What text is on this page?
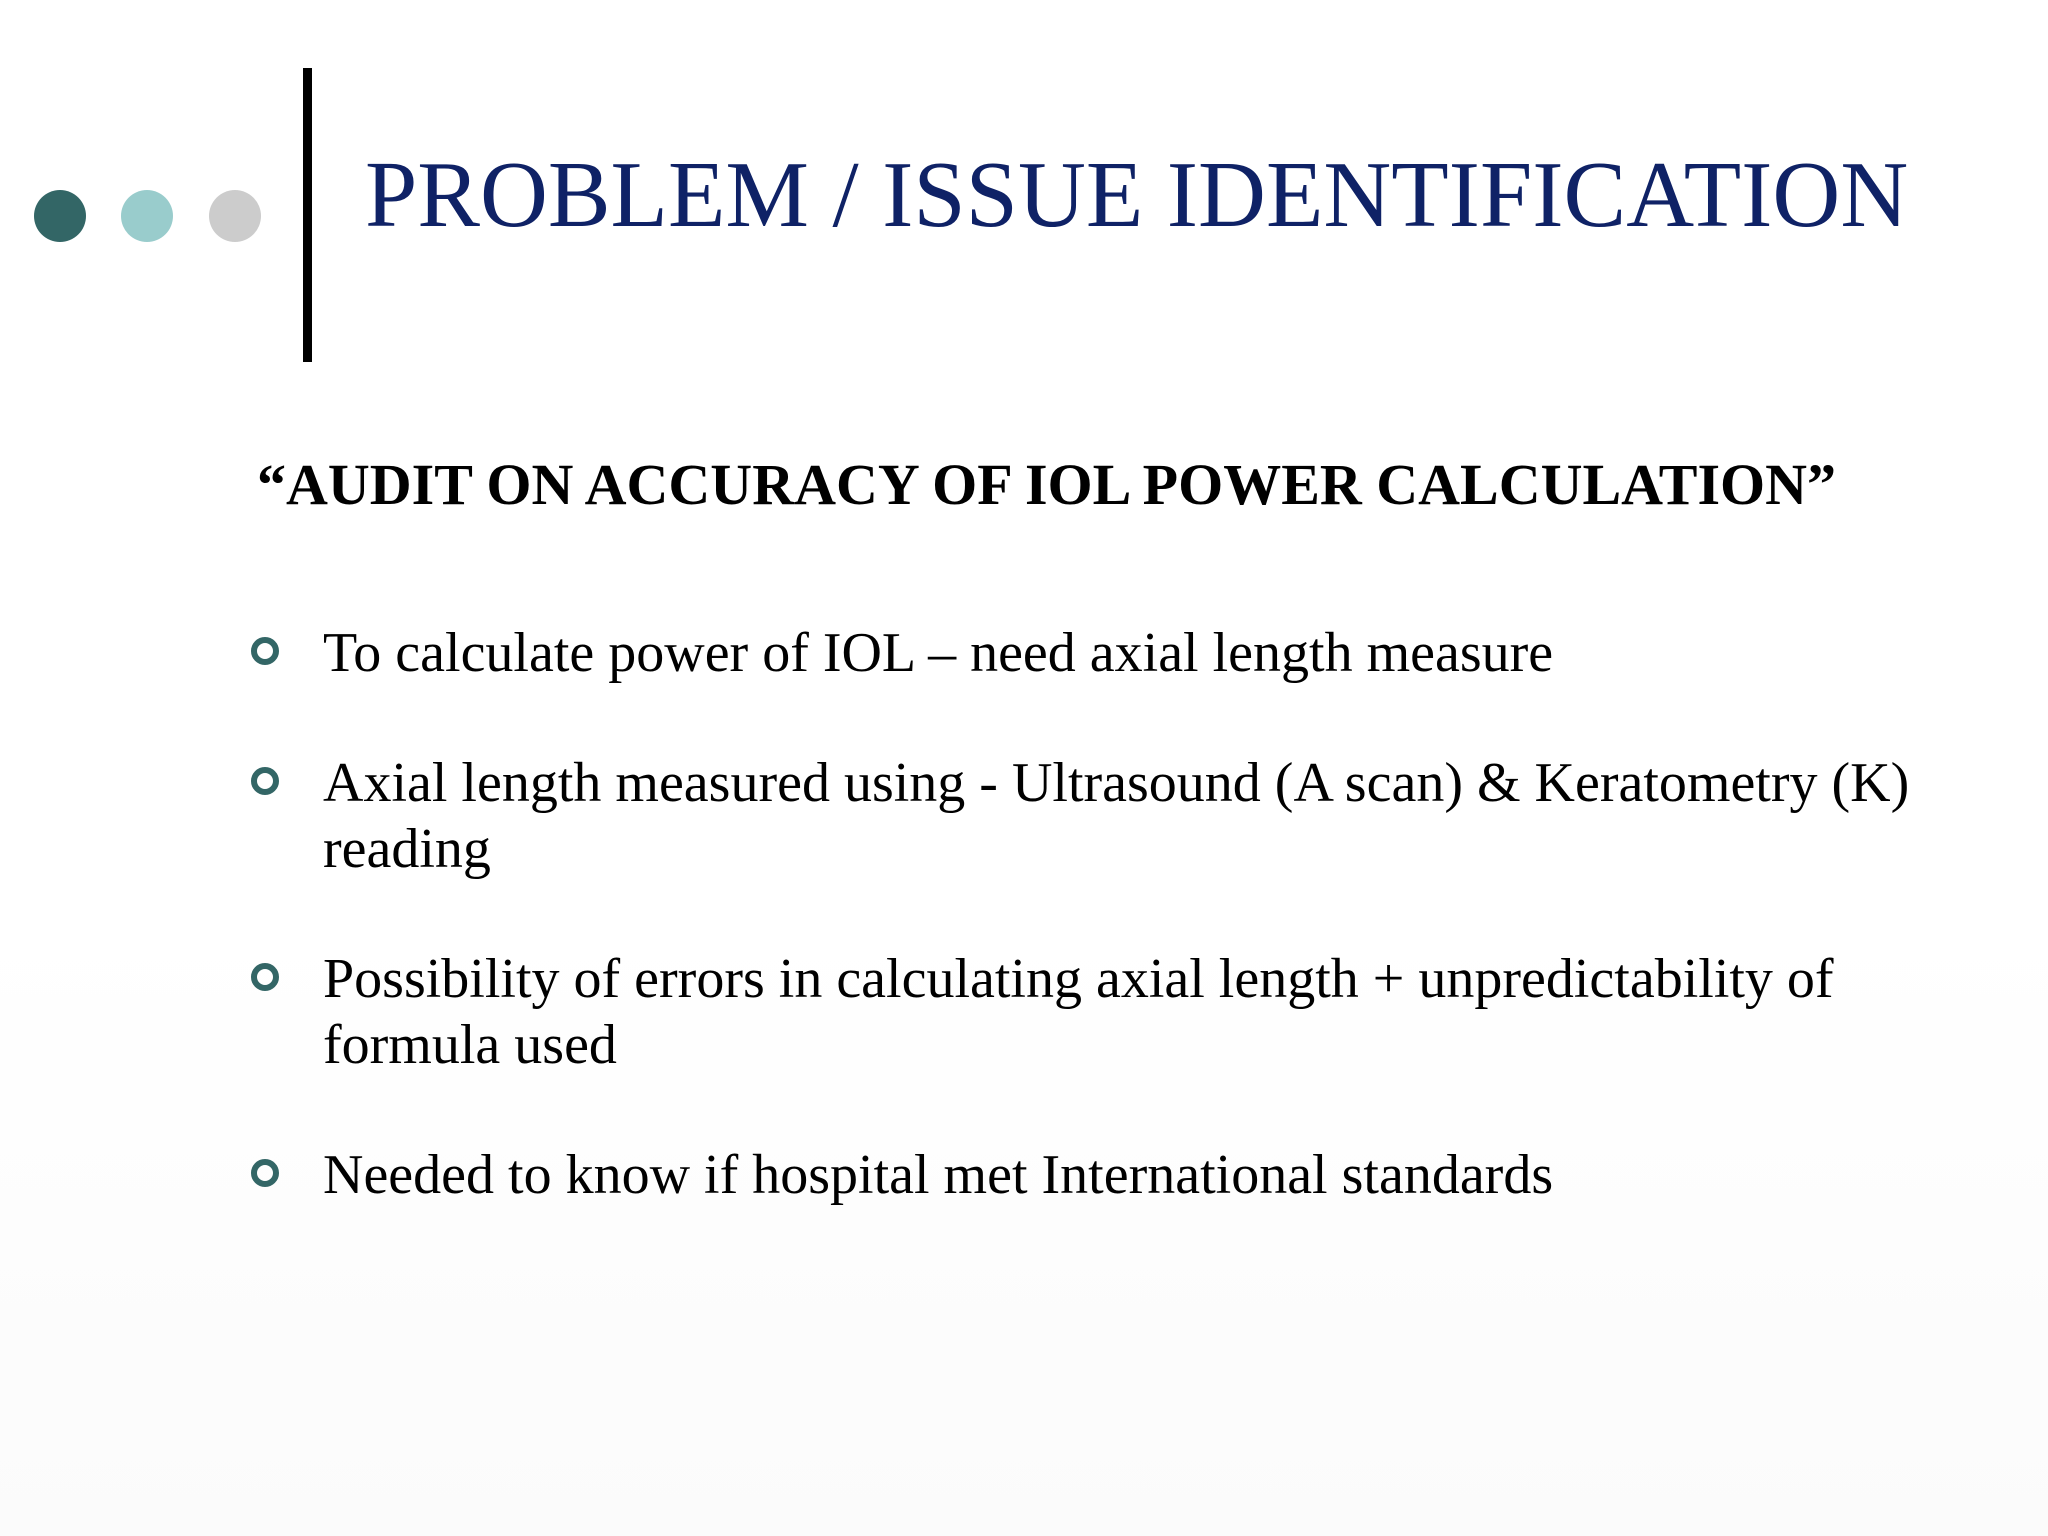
PROBLEM / ISSUE IDENTIFICATION

“AUDIT ON ACCURACY OF IOL POWER CALCULATION”

To calculate power of IOL – need axial length measure
Axial length measured using - Ultrasound (A scan) & Keratometry (K) reading
Possibility of errors in calculating axial length + unpredictability of formula used
Needed to know if hospital met International standards
